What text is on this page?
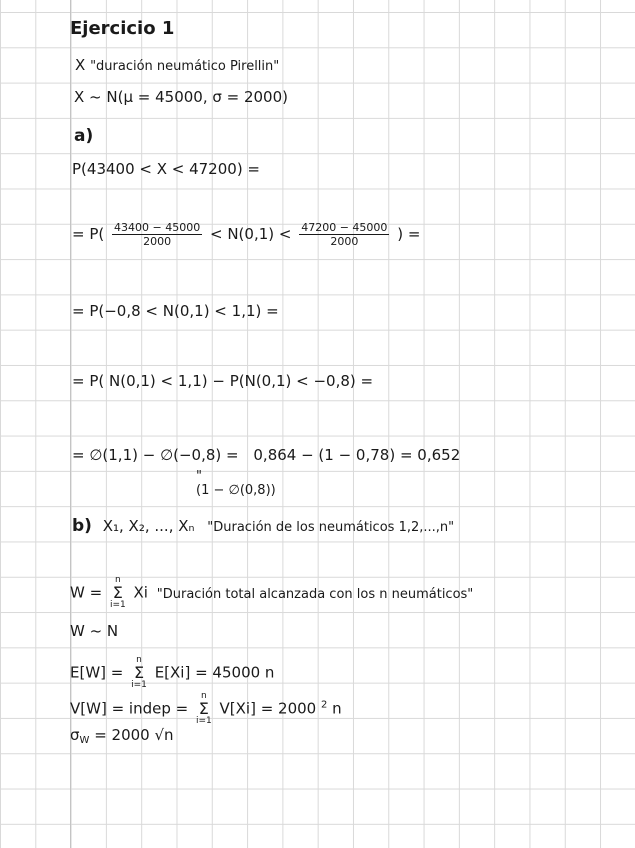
Ejercicio 1
X "duración neumático Pirellin"
X ~ N(μ = 45000, σ = 2000)
a)
P(43400 < X < 47200) =
= $P( \frac{43400 - 45000}{2000} < N(0,1) < \frac{47200 - 45000}{2000}$ ) =
= P(−0,8 < N(0,1) < 1,1) =
= P( N(0,1) < 1,1) − P(N(0,1) < −0,8) =
= ∅(1,1) − ∅(−0,8) = 0,864 − (1 − 0,78) = 0,652
"
(1 − ∅(0,8))
b) X₁, X₂, ..., Xₙ "Duración de los neumáticos 1,2,...,n"
W =
n
Σ
i=1
Xi "Duración total alcanzada con los n neumáticos"
W ~ N
E[W] =
n
Σ
i=1
E[Xi] = 45000 n
V[W] = indep =
n
Σ
i=1
V[Xi] = 2000 $^2$ n
$\sigma_W = 2000$ √n
